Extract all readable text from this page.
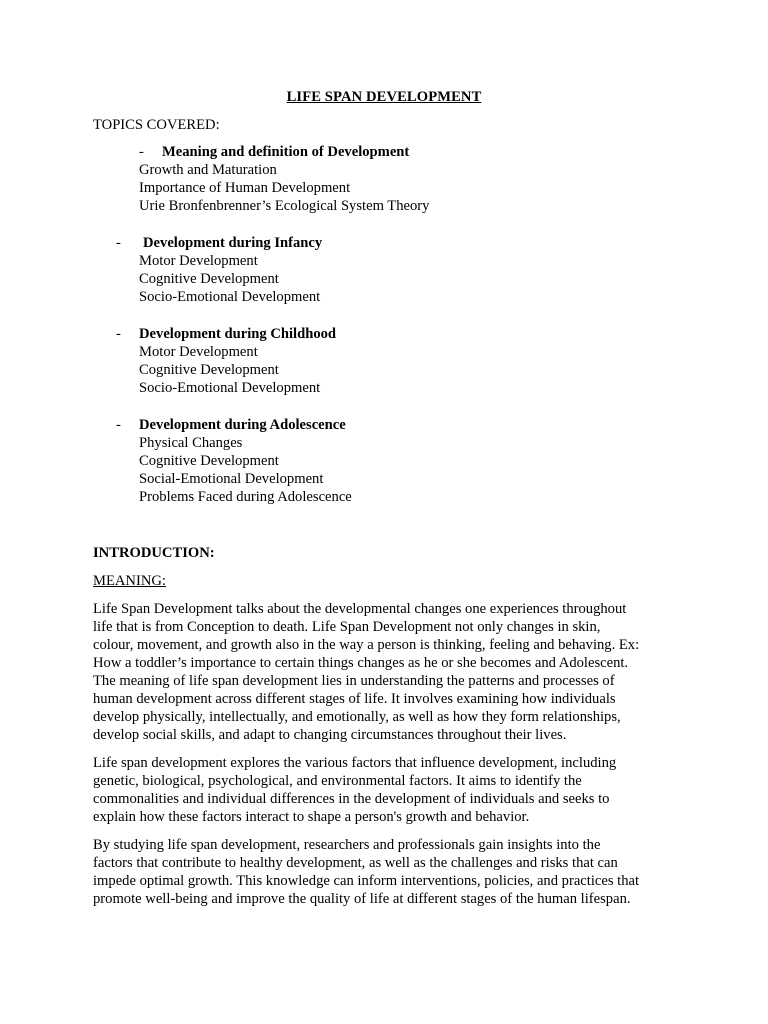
LIFE SPAN DEVELOPMENT
TOPICS COVERED:
- Meaning and definition of Development
Growth and Maturation
Importance of Human Development
Urie Bronfenbrenner’s Ecological System Theory
- Development during Infancy
Motor Development
Cognitive Development
Socio-Emotional Development
- Development during Childhood
Motor Development
Cognitive Development
Socio-Emotional Development
- Development during Adolescence
Physical Changes
Cognitive Development
Social-Emotional Development
Problems Faced during Adolescence
INTRODUCTION:
MEANING:

Life Span Development talks about the developmental changes one experiences throughout
life that is from Conception to death. Life Span Development not only changes in skin,
colour, movement, and growth also in the way a person is thinking, feeling and behaving. Ex:
How a toddler’s importance to certain things changes as he or she becomes and Adolescent.
The meaning of life span development lies in understanding the patterns and processes of
human development across different stages of life. It involves examining how individuals
develop physically, intellectually, and emotionally, as well as how they form relationships,
develop social skills, and adapt to changing circumstances throughout their lives.

Life span development explores the various factors that influence development, including
genetic, biological, psychological, and environmental factors. It aims to identify the
commonalities and individual differences in the development of individuals and seeks to
explain how these factors interact to shape a person's growth and behavior.

By studying life span development, researchers and professionals gain insights into the
factors that contribute to healthy development, as well as the challenges and risks that can
impede optimal growth. This knowledge can inform interventions, policies, and practices that
promote well-being and improve the quality of life at different stages of the human lifespan.
